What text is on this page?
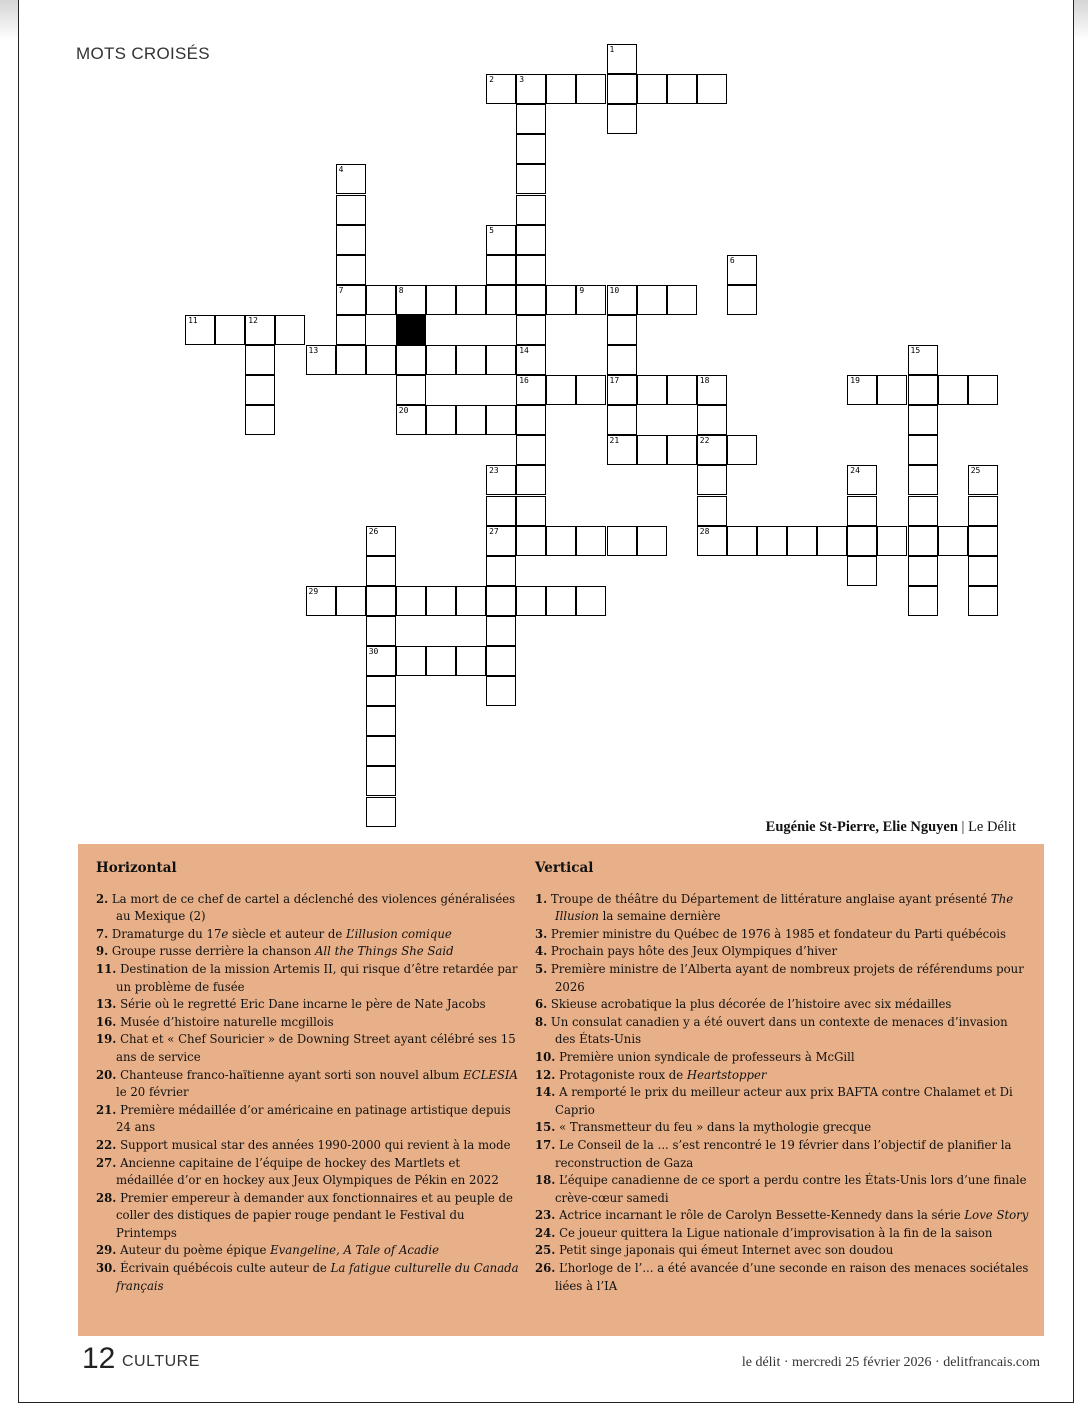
MOTS CROISÉS
2	3
7	8	9	10
11	12
13	14
16	17	18	19
20
21	22
27	28
29
30
1
4
5
6
15
23	24	25
26
Eugénie St-Pierre, Elie Nguyen | Le Délit
Horizontal
2. La mort de ce chef de cartel a déclenché des violences généralisées au Mexique (2)
7. Dramaturge du 17e siècle et auteur de L’illusion comique
9. Groupe russe derrière la chanson All the Things She Said
11. Destination de la mission Artemis II, qui risque d’être retardée par un problème de fusée
13. Série où le regretté Eric Dane incarne le père de Nate Jacobs
16. Musée d’histoire naturelle mcgillois
19. Chat et « Chef Souricier » de Downing Street ayant célébré ses 15 ans de service
20. Chanteuse franco-haïtienne ayant sorti son nouvel album ECLESIA le 20 février
21. Première médaillée d’or américaine en patinage artistique depuis 24 ans
22. Support musical star des années 1990-2000 qui revient à la mode
27. Ancienne capitaine de l’équipe de hockey des Martlets et médaillée d’or en hockey aux Jeux Olympiques de Pékin en 2022
28. Premier empereur à demander aux fonctionnaires et au peuple de coller des distiques de papier rouge pendant le Festival du Printemps
29. Auteur du poème épique Evangeline, A Tale of Acadie
30. Écrivain québécois culte auteur de La fatigue culturelle du Canada français
Vertical
1. Troupe de théâtre du Département de littérature anglaise ayant présenté The Illusion la semaine dernière
3. Premier ministre du Québec de 1976 à 1985 et fondateur du Parti québécois
4. Prochain pays hôte des Jeux Olympiques d’hiver
5. Première ministre de l’Alberta ayant de nombreux projets de référendums pour 2026
6. Skieuse acrobatique la plus décorée de l’histoire avec six médailles
8. Un consulat canadien y a été ouvert dans un contexte de menaces d’invasion des États-Unis
10. Première union syndicale de professeurs à McGill
12. Protagoniste roux de Heartstopper
14. A remporté le prix du meilleur acteur aux prix BAFTA contre Chalamet et Di Caprio
15. « Transmetteur du feu » dans la mythologie grecque
17. Le Conseil de la ... s’est rencontré le 19 février dans l’objectif de planifier la reconstruction de Gaza
18. L’équipe canadienne de ce sport a perdu contre les États-Unis lors d’une finale crève-cœur samedi
23. Actrice incarnant le rôle de Carolyn Bessette-Kennedy dans la série Love Story
24. Ce joueur quittera la Ligue nationale d’improvisation à la fin de la saison
25. Petit singe japonais qui émeut Internet avec son doudou
26. L’horloge de l’... a été avancée d’une seconde en raison des menaces sociétales liées à l’IA
12 CULTURE	le délit · mercredi 25 février 2026 · delitfrancais.com
